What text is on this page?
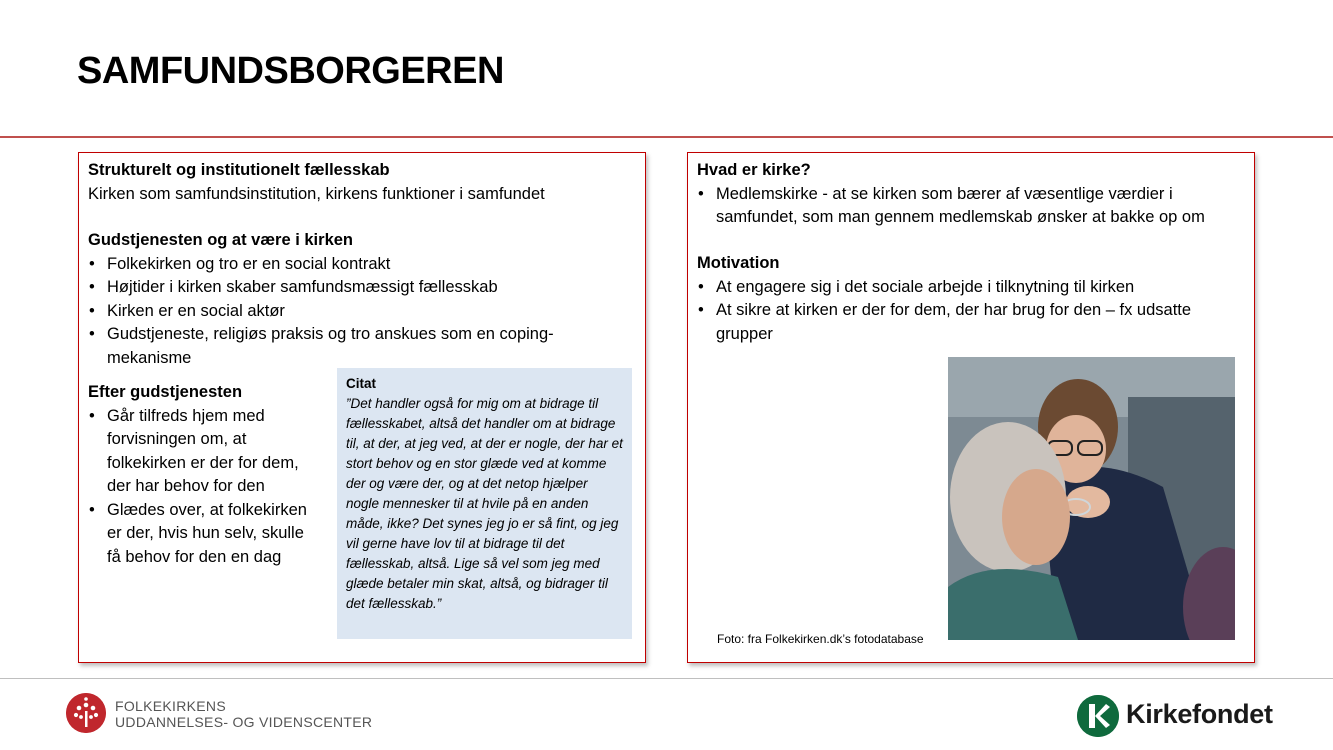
SAMFUNDSBORGEREN
Strukturelt og institutionelt fællesskab
Kirken som samfundsinstitution, kirkens funktioner i samfundet
Gudstjenesten og at være i kirken
• Folkekirken og tro er en social kontrakt
• Højtider i kirken skaber samfundsmæssigt fællesskab
• Kirken er en social aktør
• Gudstjeneste, religiøs praksis og tro anskues som en coping-mekanisme
Efter gudstjenesten
• Går tilfreds hjem med forvisningen om, at folkekirken er der for dem, der har behov for den
• Glædes over, at folkekirken er der, hvis hun selv, skulle få behov for den en dag
Citat
”Det handler også for mig om at bidrage til fællesskabet, altså det handler om at bidrage til, at der, at jeg ved, at der er nogle, der har et stort behov og en stor glæde ved at komme der og være der, og at det netop hjælper nogle mennesker til at hvile på en anden måde, ikke? Det synes jeg jo er så fint, og jeg vil gerne have lov til at bidrage til det fællesskab, altså. Lige så vel som jeg med glæde betaler min skat, altså, og bidrager til det fællesskab.”
Hvad er kirke?
• Medlemskirke - at se kirken som bærer af væsentlige værdier i samfundet, som man gennem medlemskab ønsker at bakke op om
Motivation
• At engagere sig i det sociale arbejde i tilknytning til kirken
• At sikre at kirken er der for dem, der har brug for den – fx udsatte grupper
Foto: fra Folkekirken.dk’s fotodatabase
FOLKEKIRKENS
UDDANNELSES- OG VIDENSCENTER	Kirkefondet
